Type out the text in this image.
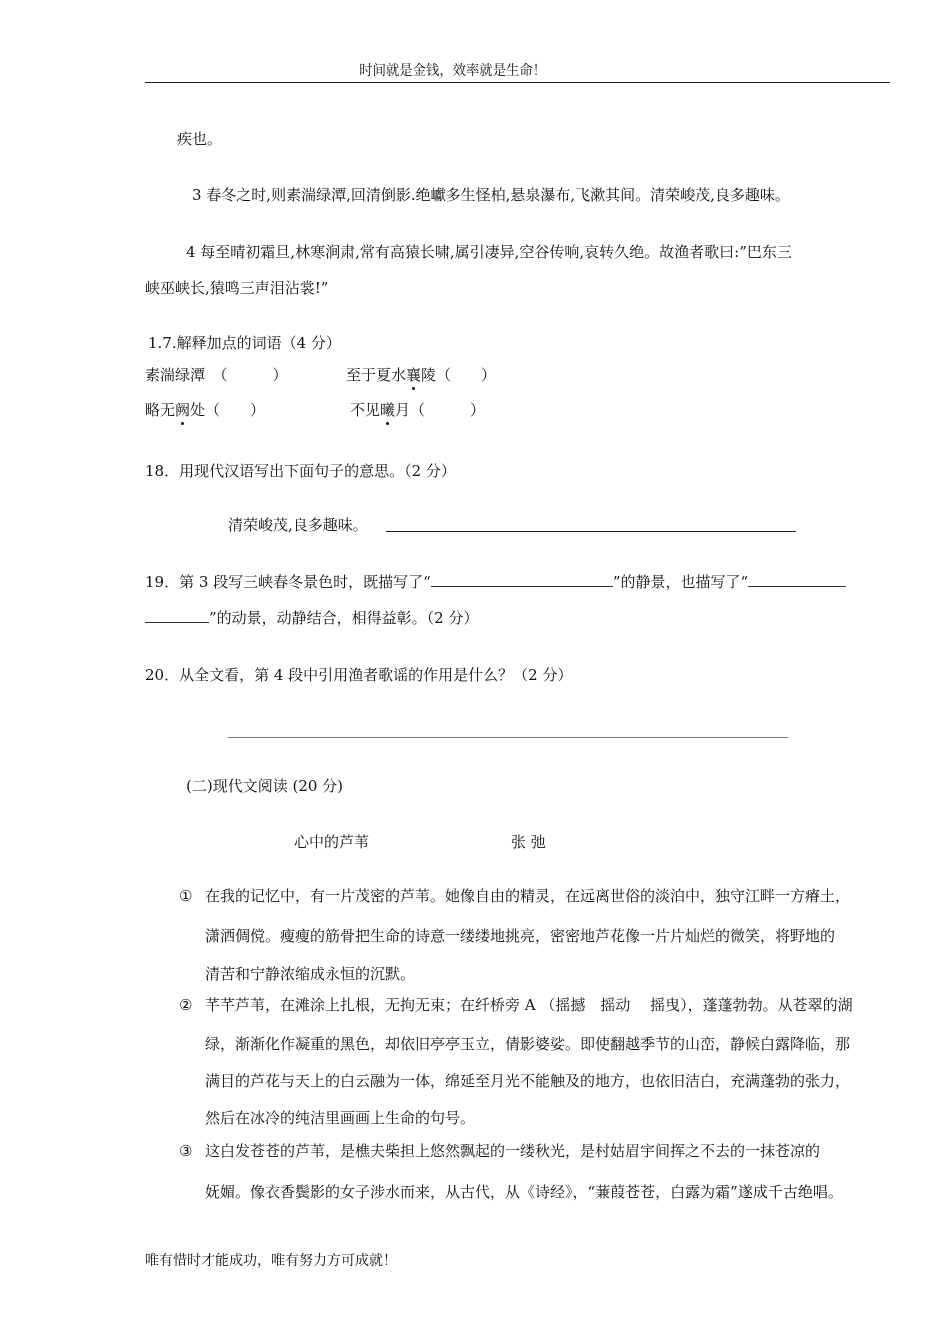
时间就是金钱，效率就是生命！
疾也。
3 春冬之时,则素湍绿潭,回清倒影.绝巘多生怪柏,悬泉瀑布,飞漱其间。清荣峻茂,良多趣味。
4 每至晴初霜旦,林寒涧肃,常有高猿长啸,属引凄异,空谷传响,哀转久绝。故渔者歌曰:”巴东三
峡巫峡长,猿鸣三声泪沾裳!”
1.7.解释加点的词语（4 分）
素湍绿潭　（　　　）	至于夏水襄陵（　　）
略无阙处（　　）	不见曦月（　　　）
18．用现代汉语写出下面句子的意思。（2 分）
清荣峻茂,良多趣味。
19．第 3 段写三峡春冬景色时，既描写了“	”的静景，也描写了“
”的动景，动静结合，相得益彰。（2 分）
20．从全文看，第 4 段中引用渔者歌谣的作用是什么？（2 分）
(二)现代文阅读 (20 分)
心中的芦苇	张 弛
① 在我的记忆中，有一片茂密的芦苇。她像自由的精灵，在远离世俗的淡泊中，独守江畔一方瘠土，
潇洒倜傥。瘦瘦的筋骨把生命的诗意一缕缕地挑亮，密密地芦花像一片片灿烂的微笑，将野地的
清苦和宁静浓缩成永恒的沉默。
② 芊芊芦苇，在滩涂上扎根，无拘无束；在纤桥旁 A （摇撼　摇动　 摇曳），蓬蓬勃勃。从苍翠的湖
绿，渐渐化作凝重的黑色，却依旧亭亭玉立，倩影婆娑。即使翻越季节的山峦，静候白露降临，那
满目的芦花与天上的白云融为一体，绵延至月光不能触及的地方，也依旧洁白，充满蓬勃的张力，
然后在冰冷的纯洁里画画上生命的句号。
③ 这白发苍苍的芦苇，是樵夫柴担上悠然飘起的一缕秋光，是村姑眉宇间挥之不去的一抹苍凉的
妩媚。像衣香鬓影的女子涉水而来，从古代，从《诗经》，“蒹葭苍苍，白露为霜”遂成千古绝唱。
唯有惜时才能成功，唯有努力方可成就！
